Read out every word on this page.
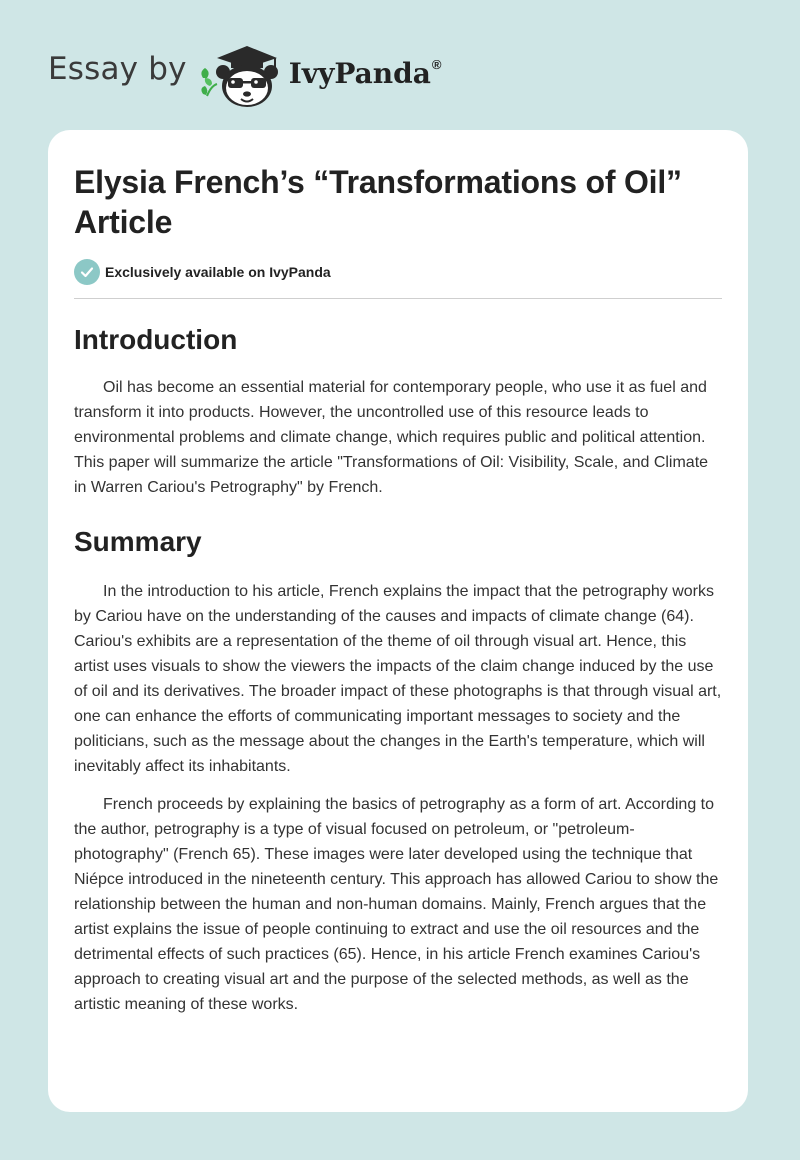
Essay by	IvyPanda®
Elysia French’s “Transformations of Oil” Article
Exclusively available on IvyPanda
Introduction

Oil has become an essential material for contemporary people, who use it as fuel and transform it into products. However, the uncontrolled use of this resource leads to environmental problems and climate change, which requires public and political attention. This paper will summarize the article "Transformations of Oil: Visibility, Scale, and Climate in Warren Cariou's Petrography" by French.

Summary

In the introduction to his article, French explains the impact that the petrography works by Cariou have on the understanding of the causes and impacts of climate change (64). Cariou's exhibits are a representation of the theme of oil through visual art. Hence, this artist uses visuals to show the viewers the impacts of the claim change induced by the use of oil and its derivatives. The broader impact of these photographs is that through visual art, one can enhance the efforts of communicating important messages to society and the politicians, such as the message about the changes in the Earth's temperature, which will inevitably affect its inhabitants.

French proceeds by explaining the basics of petrography as a form of art. According to the author, petrography is a type of visual focused on petroleum, or "petroleum-photography" (French 65). These images were later developed using the technique that Niépce introduced in the nineteenth century. This approach has allowed Cariou to show the relationship between the human and non-human domains. Mainly, French argues that the artist explains the issue of people continuing to extract and use the oil resources and the detrimental effects of such practices (65). Hence, in his article French examines Cariou's approach to creating visual art and the purpose of the selected methods, as well as the artistic meaning of these works.
